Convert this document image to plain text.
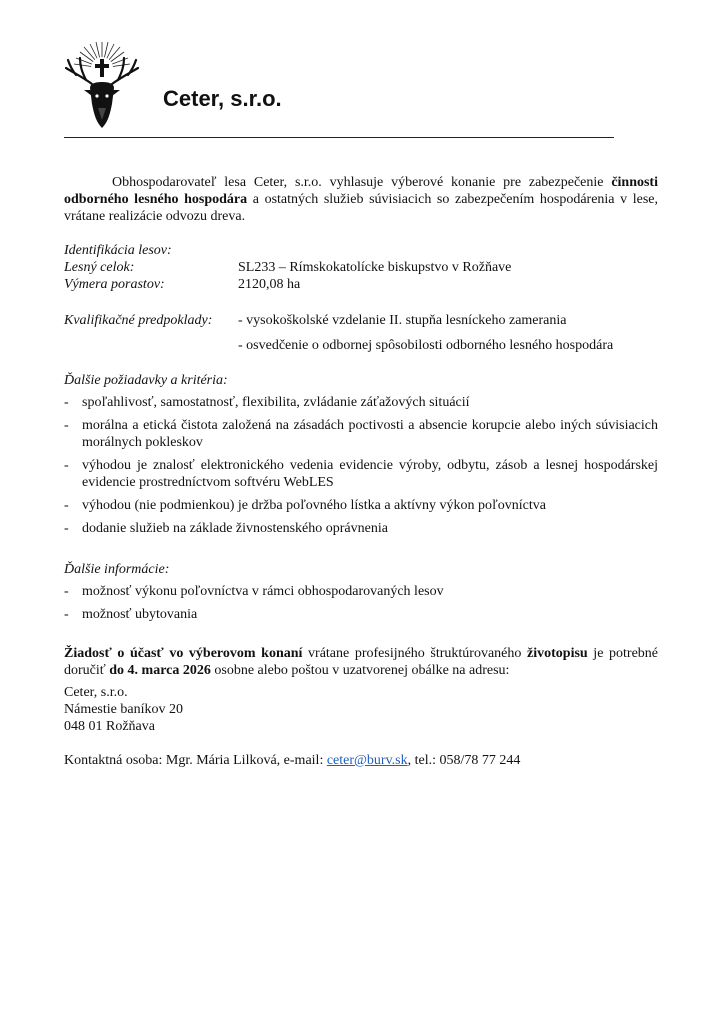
Ceter, s.r.o.

Obhospodarovateľ lesa Ceter, s.r.o. vyhlasuje výberové konanie pre zabezpečenie činnosti odborného lesného hospodára a ostatných služieb súvisiacich so zabezpečením hospodárenia v lese, vrátane realizácie odvozu dreva.

Identifikácia lesov:

Lesný celok:	SL233 – Rímskokatolícke biskupstvo v Rožňave
Výmera porastov:	2120,08 ha
Kvalifikačné predpoklady:	- vysokoškolské vzdelanie II. stupňa lesníckeho zamerania
- osvedčenie o odbornej spôsobilosti odborného lesného hospodára

Ďalšie požiadavky a kritéria:

- spoľahlivosť, samostatnosť, flexibilita, zvládanie záťažových situácií
- morálna a etická čistota založená na zásadách poctivosti a absencie korupcie alebo iných súvisiacich morálnych pokleskov
- výhodou je znalosť elektronického vedenia evidencie výroby, odbytu, zásob a lesnej hospodárskej evidencie prostredníctvom softvéru WebLES
- výhodou (nie podmienkou) je držba poľovného lístka a aktívny výkon poľovníctva
- dodanie služieb na základe živnostenského oprávnenia

Ďalšie informácie:

- možnosť výkonu poľovníctva v rámci obhospodarovaných lesov
- možnosť ubytovania

Žiadosť o účasť vo výberovom konaní vrátane profesijného štruktúrovaného životopisu je potrebné doručiť do 4. marca 2026 osobne alebo poštou v uzatvorenej obálke na adresu:

Ceter, s.r.o.

Námestie baníkov 20

048 01 Rožňava

Kontaktná osoba: Mgr. Mária Lilková, e-mail: ceter@burv.sk, tel.: 058/78 77 244
